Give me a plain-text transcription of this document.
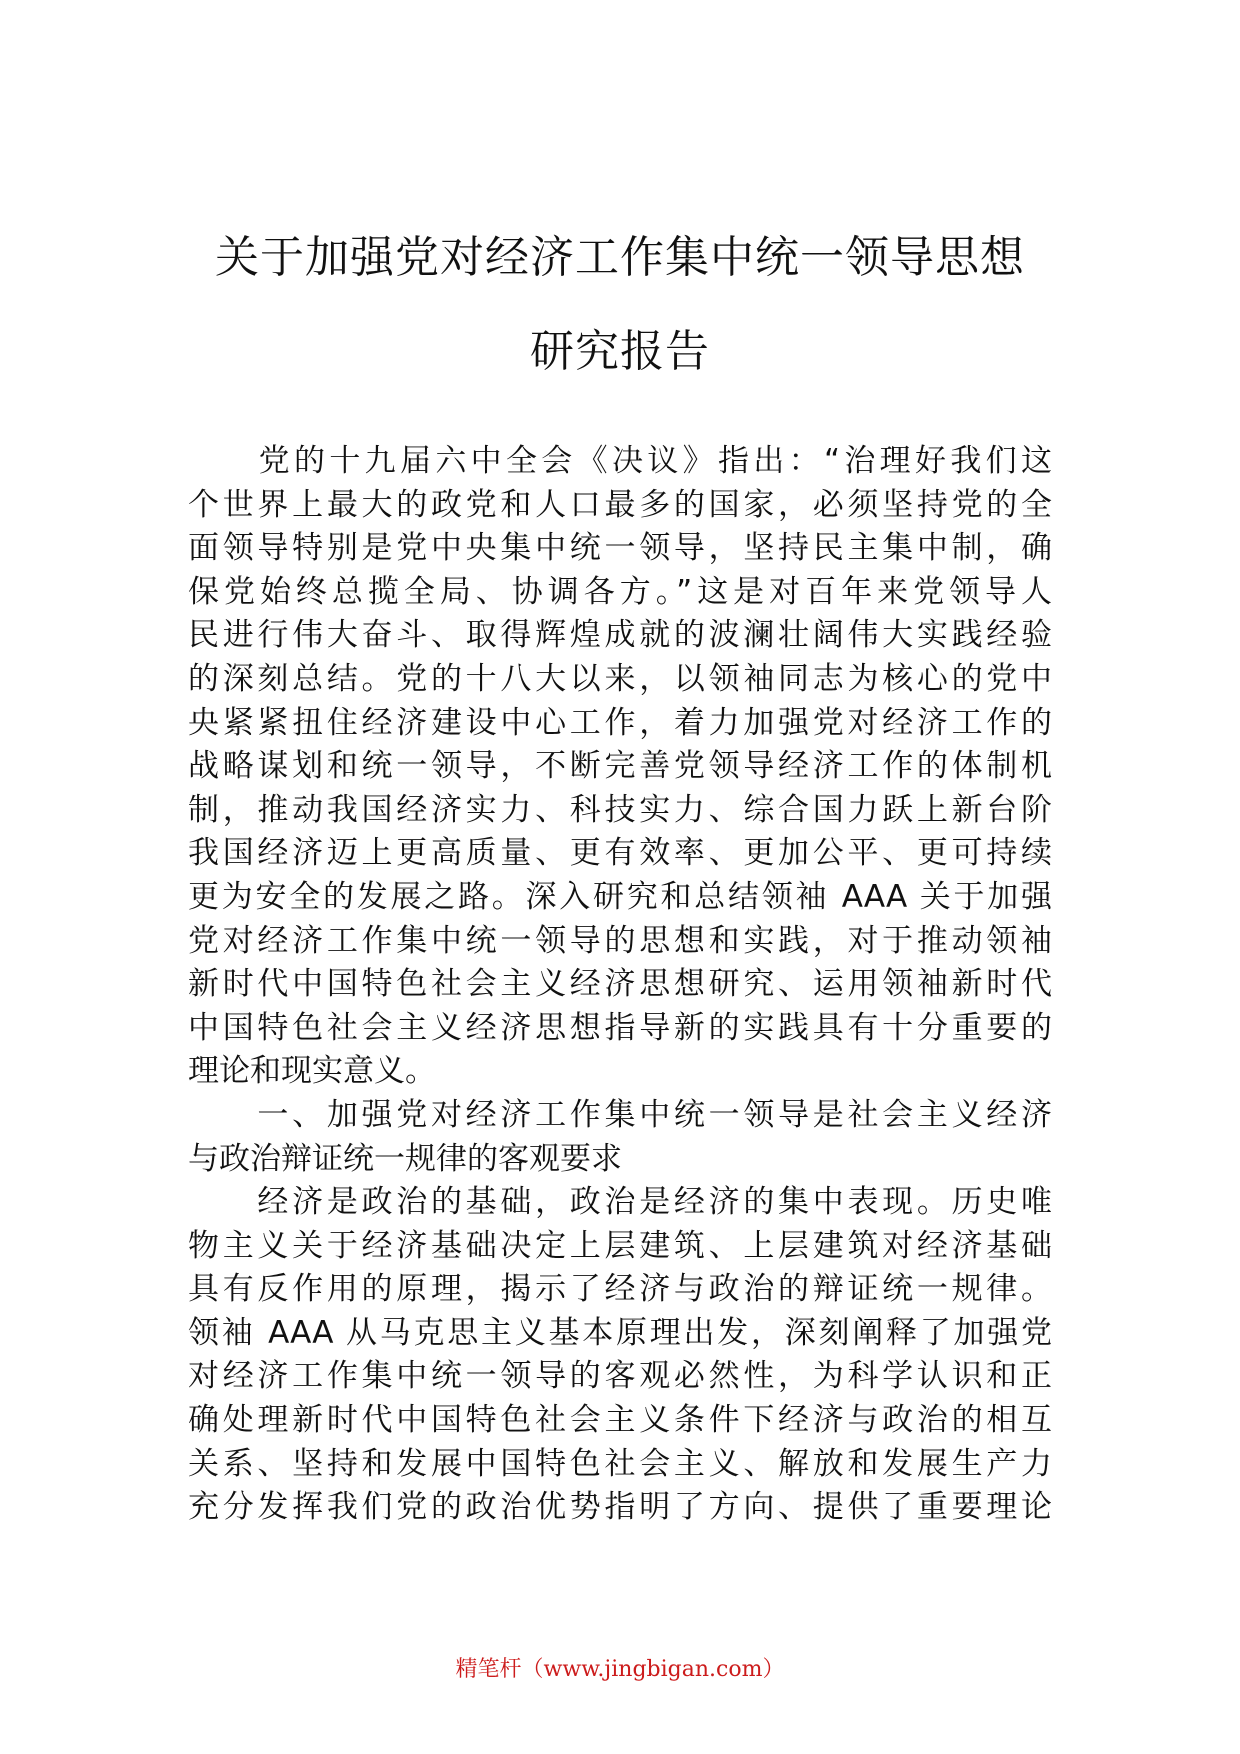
关于加强党对经济工作集中统一领导思想
研究报告
　　党的十九届六中全会《决议》指出：“治理好我们这
个世界上最大的政党和人口最多的国家，必须坚持党的全
面领导特别是党中央集中统一领导，坚持民主集中制，确
保党始终总揽全局、协调各方。”这是对百年来党领导人
民进行伟大奋斗、取得辉煌成就的波澜壮阔伟大实践经验
的深刻总结。党的十八大以来，以领袖同志为核心的党中
央紧紧扭住经济建设中心工作，着力加强党对经济工作的
战略谋划和统一领导，不断完善党领导经济工作的体制机
制，推动我国经济实力、科技实力、综合国力跃上新台阶
我国经济迈上更高质量、更有效率、更加公平、更可持续
更为安全的发展之路。深入研究和总结领袖 AAA 关于加强
党对经济工作集中统一领导的思想和实践，对于推动领袖
新时代中国特色社会主义经济思想研究、运用领袖新时代
中国特色社会主义经济思想指导新的实践具有十分重要的
理论和现实意义。
　　一、加强党对经济工作集中统一领导是社会主义经济
与政治辩证统一规律的客观要求
　　经济是政治的基础，政治是经济的集中表现。历史唯
物主义关于经济基础决定上层建筑、上层建筑对经济基础
具有反作用的原理，揭示了经济与政治的辩证统一规律。
领袖 AAA 从马克思主义基本原理出发，深刻阐释了加强党
对经济工作集中统一领导的客观必然性，为科学认识和正
确处理新时代中国特色社会主义条件下经济与政治的相互
关系、坚持和发展中国特色社会主义、解放和发展生产力
充分发挥我们党的政治优势指明了方向、提供了重要理论
精笔杆（www.jingbigan.com）
